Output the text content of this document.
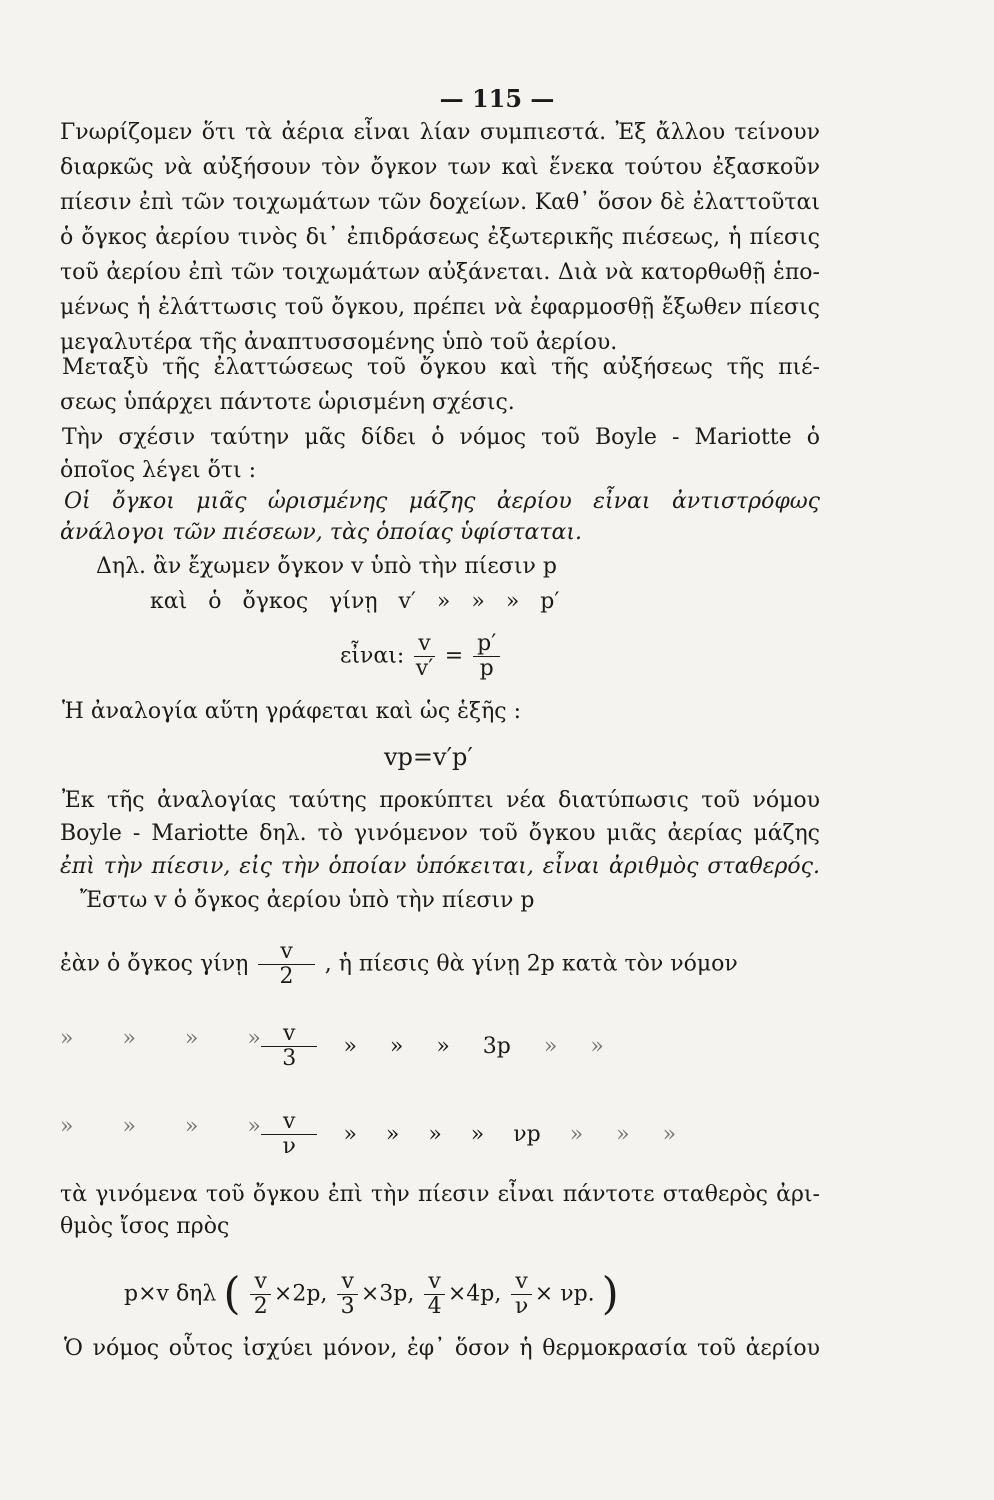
— 115 —
Γνωρίζομεν ὅτι τὰ ἀέρια εἶναι λίαν συμπιεστά. Ἐξ ἄλλου τείνουν
διαρκῶς νὰ αὐξήσουν τὸν ὄγκον των καὶ ἕνεκα τούτου ἐξασκοῦν
πίεσιν ἐπὶ τῶν τοιχωμάτων τῶν δοχείων. Καθ᾽ ὅσον δὲ ἐλαττοῦται
ὁ ὄγκος ἀερίου τινὸς δι᾽ ἐπιδράσεως ἐξωτερικῆς πιέσεως, ἡ πίεσις
τοῦ ἀερίου ἐπὶ τῶν τοιχωμάτων αὐξάνεται. Διὰ νὰ κατορθωθῇ ἑπο-
μένως ἡ ἐλάττωσις τοῦ ὄγκου, πρέπει νὰ ἐφαρμοσθῇ ἔξωθεν πίεσις
μεγαλυτέρα τῆς ἀναπτυσσομένης ὑπὸ τοῦ ἀερίου.
Μεταξὺ τῆς ἐλαττώσεως τοῦ ὄγκου καὶ τῆς αὐξήσεως τῆς πιέ-
σεως ὑπάρχει πάντοτε ὡρισμένη σχέσις.
Τὴν σχέσιν ταύτην μᾶς δίδει ὁ νόμος τοῦ Boyle - Mariotte ὁ
ὁποῖος λέγει ὅτι :
Οἱ ὄγκοι μιᾶς ὡρισμένης μάζης ἀερίου εἶναι ἀντιστρόφως
ἀνάλογοι τῶν πιέσεων, τὰς ὁποίας ὑφίσταται.
Δηλ. ἂν ἔχωμεν ὄγκον v ὑπὸ τὴν πίεσιν p
καὶ ὁ ὄγκος γίνῃ v′ » » » p′
εἶναι: $\frac{v}{v'} = \frac{p'}{p}$
Ἡ ἀναλογία αὕτη γράφεται καὶ ὡς ἑξῆς :
vp=v′p′
Ἐκ τῆς ἀναλογίας ταύτης προκύπτει νέα διατύπωσις τοῦ νόμου
Boyle - Mariotte δηλ. τὸ γινόμενον τοῦ ὄγκου μιᾶς ἀερίας μάζης
ἐπὶ τὴν πίεσιν, εἰς τὴν ὁποίαν ὑπόκειται, εἶναι ἀριθμὸς σταθερός.
Ἔστω v ὁ ὄγκος ἀερίου ὑπὸ τὴν πίεσιν p
ἐὰν ὁ ὄγκος γίνῃ $\frac{v}{2}$ , ἡ πίεσις θὰ γίνῃ 2p κατὰ τὸν νόμον
» » » » $\frac{v}{3}$ » » » 3p » »
» » » » $\frac{v}{\nu}$ » » » » νp » » »
τὰ γινόμενα τοῦ ὄγκου ἐπὶ τὴν πίεσιν εἶναι πάντοτε σταθερὸς ἀρι-
θμὸς ἴσος πρὸς
p×v δηλ ( $\frac{v}{2} \times 2p$, $\frac{v}{3} \times 3p$, $\frac{v}{4} \times 4p$, $\frac{v}{\nu} \times \nu p$. )
Ὁ νόμος οὗτος ἰσχύει μόνον, ἐφ᾽ ὅσον ἡ θερμοκρασία τοῦ ἀερίου
